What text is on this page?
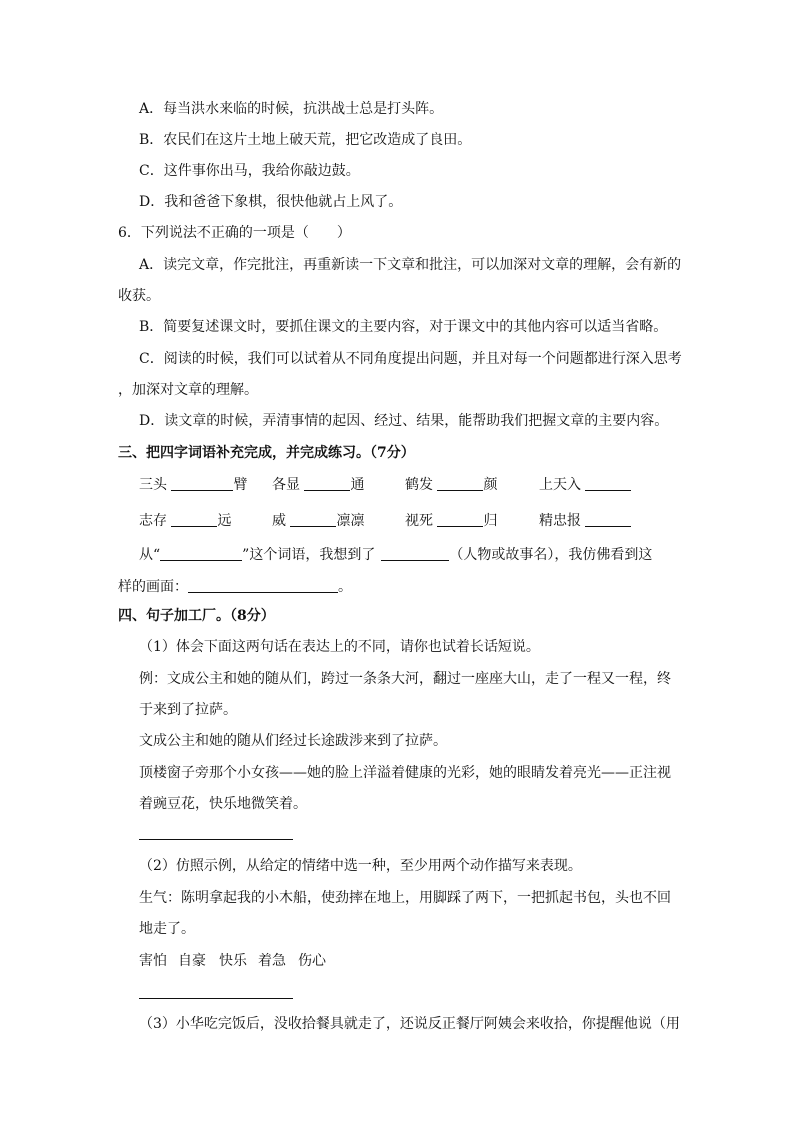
A．每当洪水来临的时候，抗洪战士总是打头阵。
B．农民们在这片土地上破天荒，把它改造成了良田。
C．这件事你出马，我给你敲边鼓。
D．我和爸爸下象棋，很快他就占上风了。
6．下列说法不正确的一项是（　　）
A．读完文章，作完批注，再重新读一下文章和批注，可以加深对文章的理解，会有新的
收获。
B．简要复述课文时，要抓住课文的主要内容，对于课文中的其他内容可以适当省略。
C．阅读的时候，我们可以试着从不同角度提出问题，并且对每一个问题都进行深入思考
，加深对文章的理解。
D．读文章的时候，弄清事情的起因、经过、结果，能帮助我们把握文章的主要内容。
三、把四字词语补充完成，并完成练习。（7分）
三头	臂 各显	通	鹤发	颜	上天入
志存	远	威	凛凛	视死	归	精忠报
从“	”这个词语，我想到了	（人物或故事名），我仿佛看到这
样的画面：	。
四、句子加工厂。（8分）
（1）体会下面这两句话在表达上的不同，请你也试着长话短说。
例：文成公主和她的随从们，跨过一条条大河，翻过一座座大山，走了一程又一程，终
于来到了拉萨。
文成公主和她的随从们经过长途跋涉来到了拉萨。
顶楼窗子旁那个小女孩——她的脸上洋溢着健康的光彩，她的眼睛发着亮光——正注视
着豌豆花，快乐地微笑着。
（2）仿照示例，从给定的情绪中选一种，至少用两个动作描写来表现。
生气：陈明拿起我的小木船，使劲摔在地上，用脚踩了两下，一把抓起书包，头也不回
地走了。
害怕 自豪 快乐 着急 伤心
（3）小华吃完饭后，没收拾餐具就走了，还说反正餐厅阿姨会来收拾，你提醒他说（用
